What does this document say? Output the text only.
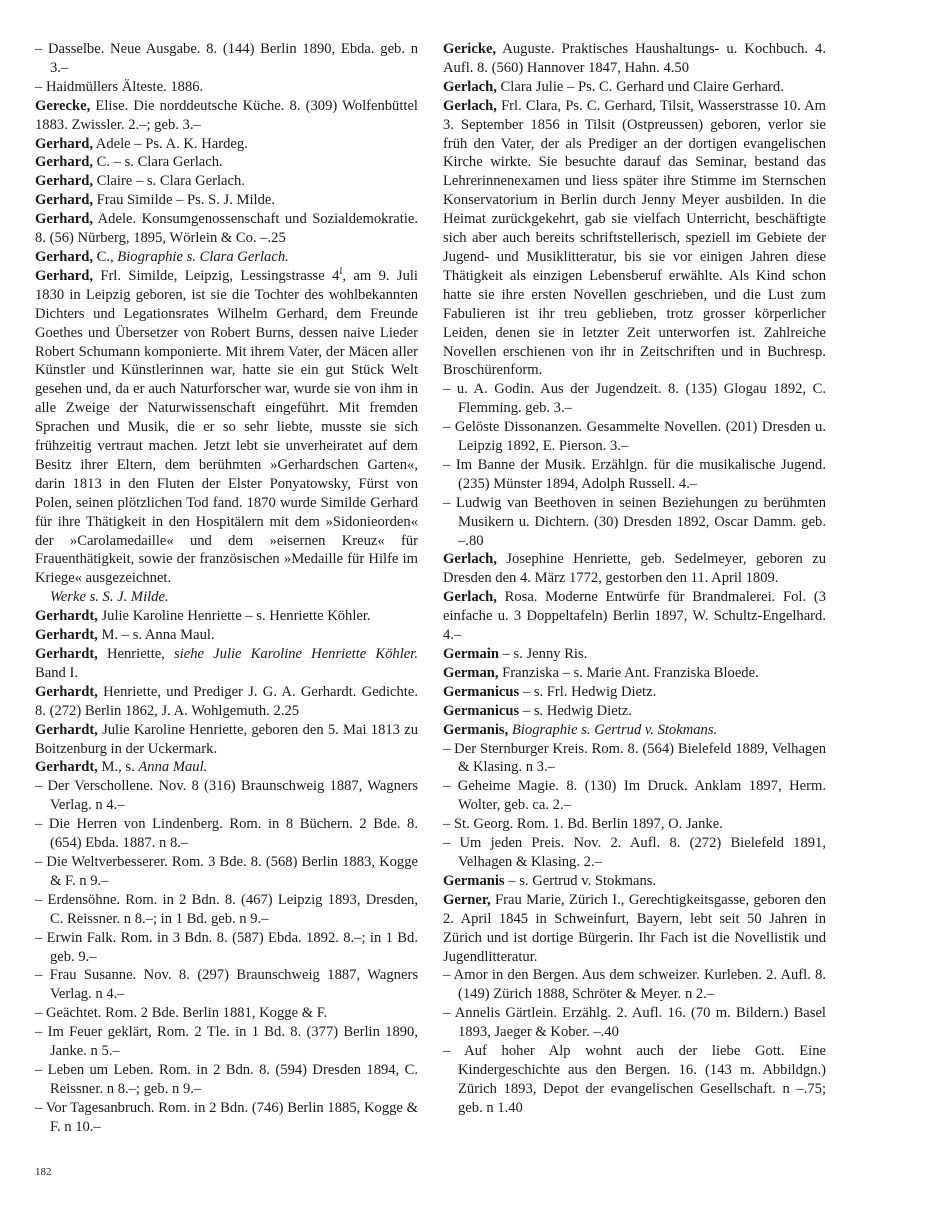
– Dasselbe. Neue Ausgabe. 8. (144) Berlin 1890, Ebda. geb. n 3.–

– Haidmüllers Älteste. 1886.

Gerecke, Elise. Die norddeutsche Küche. 8. (309) Wolfenbüttel 1883. Zwissler. 2.–; geb. 3.–

Gerhard, Adele – Ps. A. K. Hardeg.

Gerhard, C. – s. Clara Gerlach.

Gerhard, Claire – s. Clara Gerlach.

Gerhard, Frau Similde – Ps. S. J. Milde.

Gerhard, Adele. Konsumgenossenschaft und Sozialdemokratie. 8. (56) Nürberg, 1895, Wörlein & Co. –.25

Gerhard, C., Biographie s. Clara Gerlach.

Gerhard, Frl. Similde, Leipzig, Lessingstrasse $4^I$, am 9. Juli 1830 in Leipzig geboren, ist sie die Tochter des wohlbekannten Dichters und Legationsrates Wilhelm Gerhard, dem Freunde Goethes und Übersetzer von Robert Burns, dessen naive Lieder Robert Schumann komponierte. Mit ihrem Vater, der Mäcen aller Künstler und Künstlerinnen war, hatte sie ein gut Stück Welt gesehen und, da er auch Naturforscher war, wurde sie von ihm in alle Zweige der Naturwissenschaft eingeführt. Mit fremden Sprachen und Musik, die er so sehr liebte, musste sie sich frühzeitig vertraut machen. Jetzt lebt sie unverheiratet auf dem Besitz ihrer Eltern, dem berühmten »Gerhardschen Garten«, darin 1813 in den Fluten der Elster Ponyatowsky, Fürst von Polen, seinen plötzlichen Tod fand. 1870 wurde Similde Gerhard für ihre Thätigkeit in den Hospitälern mit dem »Sidonieorden« der »Carolamedaille« und dem »eisernen Kreuz« für Frauenthätigkeit, sowie der französischen »Medaille für Hilfe im Kriege« ausgezeichnet.

Werke s. S. J. Milde.

Gerhardt, Julie Karoline Henriette – s. Henriette Köhler.

Gerhardt, M. – s. Anna Maul.

Gerhardt, Henriette, siehe Julie Karoline Henriette Köhler. Band I.

Gerhardt, Henriette, und Prediger J. G. A. Gerhardt. Gedichte. 8. (272) Berlin 1862, J. A. Wohlgemuth. 2.25

Gerhardt, Julie Karoline Henriette, geboren den 5. Mai 1813 zu Boitzenburg in der Uckermark.

Gerhardt, M., s. Anna Maul.

– Der Verschollene. Nov. 8 (316) Braunschweig 1887, Wagners Verlag. n 4.–

– Die Herren von Lindenberg. Rom. in 8 Büchern. 2 Bde. 8. (654) Ebda. 1887. n 8.–

– Die Weltverbesserer. Rom. 3 Bde. 8. (568) Berlin 1883, Kogge & F. n 9.–

– Erdensöhne. Rom. in 2 Bdn. 8. (467) Leipzig 1893, Dresden, C. Reissner. n 8.–; in 1 Bd. geb. n 9.–

– Erwin Falk. Rom. in 3 Bdn. 8. (587) Ebda. 1892. 8.–; in 1 Bd. geb. 9.–

– Frau Susanne. Nov. 8. (297) Braunschweig 1887, Wagners Verlag. n 4.–

– Geächtet. Rom. 2 Bde. Berlin 1881, Kogge & F.

– Im Feuer geklärt, Rom. 2 Tle. in 1 Bd. 8. (377) Berlin 1890, Janke. n 5.–

– Leben um Leben. Rom. in 2 Bdn. 8. (594) Dresden 1894, C. Reissner. n 8.–; geb. n 9.–

– Vor Tagesanbruch. Rom. in 2 Bdn. (746) Berlin 1885, Kogge & F. n 10.–

Gericke, Auguste. Praktisches Haushaltungs- u. Kochbuch. 4. Aufl. 8. (560) Hannover 1847, Hahn. 4.50

Gerlach, Clara Julie – Ps. C. Gerhard und Claire Gerhard.

Gerlach, Frl. Clara, Ps. C. Gerhard, Tilsit, Wasserstrasse 10. Am 3. September 1856 in Tilsit (Ostpreussen) geboren, verlor sie früh den Vater, der als Prediger an der dortigen evangelischen Kirche wirkte. Sie besuchte darauf das Seminar, bestand das Lehrerinnenexamen und liess später ihre Stimme im Sternschen Konservatorium in Berlin durch Jenny Meyer ausbilden. In die Heimat zurückgekehrt, gab sie vielfach Unterricht, beschäftigte sich aber auch bereits schriftstellerisch, speziell im Gebiete der Jugend- und Musiklitteratur, bis sie vor einigen Jahren diese Thätigkeit als einzigen Lebensberuf erwählte. Als Kind schon hatte sie ihre ersten Novellen geschrieben, und die Lust zum Fabulieren ist ihr treu geblieben, trotz grosser körperlicher Leiden, denen sie in letzter Zeit unterworfen ist. Zahlreiche Novellen erschienen von ihr in Zeitschriften und in Buchresp. Broschürenform.

– u. A. Godin. Aus der Jugendzeit. 8. (135) Glogau 1892, C. Flemming. geb. 3.–

– Gelöste Dissonanzen. Gesammelte Novellen. (201) Dresden u. Leipzig 1892, E. Pierson. 3.–

– Im Banne der Musik. Erzählgn. für die musikalische Jugend. (235) Münster 1894, Adolph Russell. 4.–

– Ludwig van Beethoven in seinen Beziehungen zu berühmten Musikern u. Dichtern. (30) Dresden 1892, Oscar Damm. geb. –.80

Gerlach, Josephine Henriette, geb. Sedelmeyer, geboren zu Dresden den 4. März 1772, gestorben den 11. April 1809.

Gerlach, Rosa. Moderne Entwürfe für Brandmalerei. Fol. (3 einfache u. 3 Doppeltafeln) Berlin 1897, W. Schultz-Engelhard. 4.–

Germain – s. Jenny Ris.

German, Franziska – s. Marie Ant. Franziska Bloede.

Germanicus – s. Frl. Hedwig Dietz.

Germanicus – s. Hedwig Dietz.

Germanis, Biographie s. Gertrud v. Stokmans.

– Der Sternburger Kreis. Rom. 8. (564) Bielefeld 1889, Velhagen & Klasing. n 3.–

– Geheime Magie. 8. (130) Im Druck. Anklam 1897, Herm. Wolter, geb. ca. 2.–

– St. Georg. Rom. 1. Bd. Berlin 1897, O. Janke.

– Um jeden Preis. Nov. 2. Aufl. 8. (272) Bielefeld 1891, Velhagen & Klasing. 2.–

Germanis – s. Gertrud v. Stokmans.

Gerner, Frau Marie, Zürich I., Gerechtigkeitsgasse, geboren den 2. April 1845 in Schweinfurt, Bayern, lebt seit 50 Jahren in Zürich und ist dortige Bürgerin. Ihr Fach ist die Novellistik und Jugendlitteratur.

– Amor in den Bergen. Aus dem schweizer. Kurleben. 2. Aufl. 8. (149) Zürich 1888, Schröter & Meyer. n 2.–

– Annelis Gärtlein. Erzählg. 2. Aufl. 16. (70 m. Bildern.) Basel 1893, Jaeger & Kober. –.40

– Auf hoher Alp wohnt auch der liebe Gott. Eine Kindergeschichte aus den Bergen. 16. (143 m. Abbildgn.) Zürich 1893, Depot der evangelischen Gesellschaft. n –.75; geb. n 1.40

182
